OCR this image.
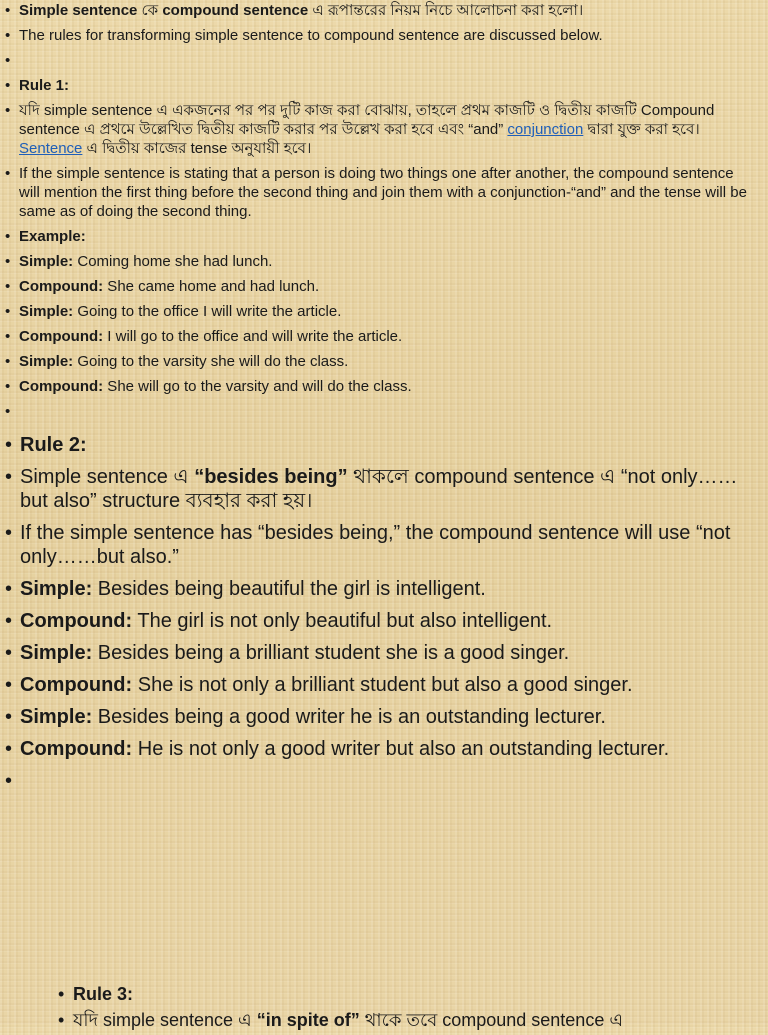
• Simple sentence কে compound sentence এ রূপান্তরের নিয়ম নিচে আলোচনা করা হলো।
• The rules for transforming simple sentence to compound sentence are discussed below.
•
• Rule 1:
• যদি simple sentence এ একজনের পর পর দুটি কাজ করা বোঝায়, তাহলে প্রথম কাজটি ও দ্বিতীয় কাজটি Compound sentence এ প্রথমে উল্লেখিত দ্বিতীয় কাজটি করার পর উল্লেখ করা হবে এবং “and” conjunction দ্বারা যুক্ত করা হবে। Sentence এ দ্বিতীয় কাজের tense অনুযায়ী হবে।
• If the simple sentence is stating that a person is doing two things one after another, the compound sentence will mention the first thing before the second thing and join them with a conjunction-“and” and the tense will be same as of doing the second thing.
• Example:
• Simple: Coming home she had lunch.
• Compound: She came home and had lunch.
• Simple: Going to the office I will write the article.
• Compound: I will go to the office and will write the article.
• Simple: Going to the varsity she will do the class.
• Compound: She will go to the varsity and will do the class.
•
• Rule 2:
• Simple sentence এ “besides being” থাকলে compound sentence এ “not only……but also” structure ব্যবহার করা হয়।
• If the simple sentence has “besides being,” the compound sentence will use “not only……but also.”
• Simple: Besides being beautiful the girl is intelligent.
• Compound: The girl is not only beautiful but also intelligent.
• Simple: Besides being a brilliant student she is a good singer.
• Compound: She is not only a brilliant student but also a good singer.
• Simple: Besides being a good writer he is an outstanding lecturer.
• Compound: He is not only a good writer but also an outstanding lecturer.
•
• Rule 3:
• যদি simple sentence এ “in spite of” থাকে তবে compound sentence এ
